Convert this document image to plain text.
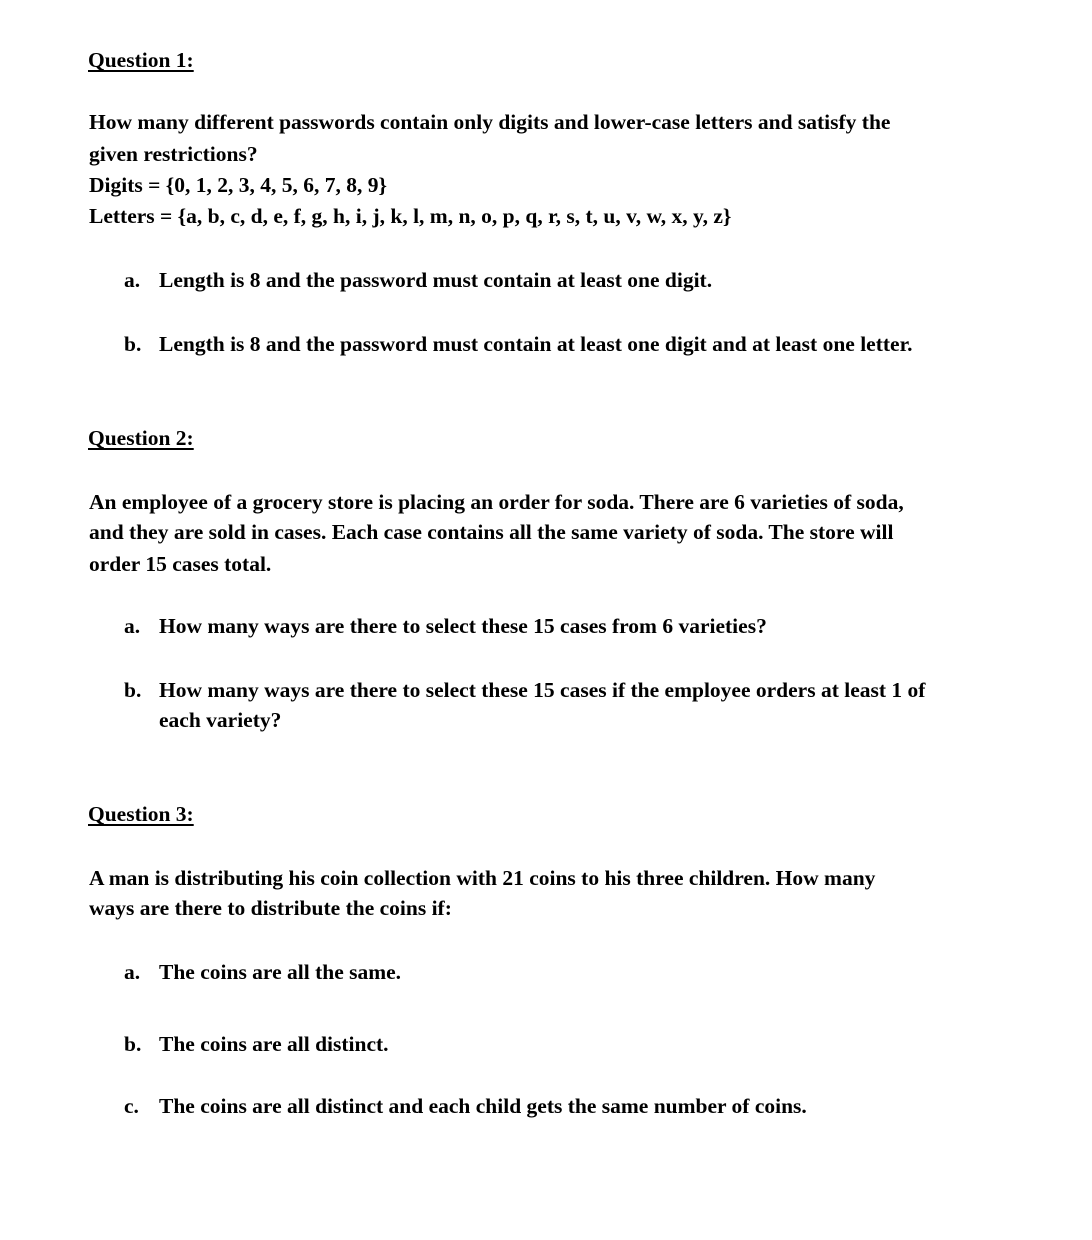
Question 1:
How many different passwords contain only digits and lower-case letters and satisfy the
given restrictions?
Digits = {0, 1, 2, 3, 4, 5, 6, 7, 8, 9}
Letters = {a, b, c, d, e, f, g, h, i, j, k, l, m, n, o, p, q, r, s, t, u, v, w, x, y, z}
a. Length is 8 and the password must contain at least one digit.
b. Length is 8 and the password must contain at least one digit and at least one letter.
Question 2:
An employee of a grocery store is placing an order for soda. There are 6 varieties of soda,
and they are sold in cases. Each case contains all the same variety of soda. The store will
order 15 cases total.
a. How many ways are there to select these 15 cases from 6 varieties?
b. How many ways are there to select these 15 cases if the employee orders at least 1 of
each variety?
Question 3:
A man is distributing his coin collection with 21 coins to his three children. How many
ways are there to distribute the coins if:
a. The coins are all the same.
b. The coins are all distinct.
c. The coins are all distinct and each child gets the same number of coins.
